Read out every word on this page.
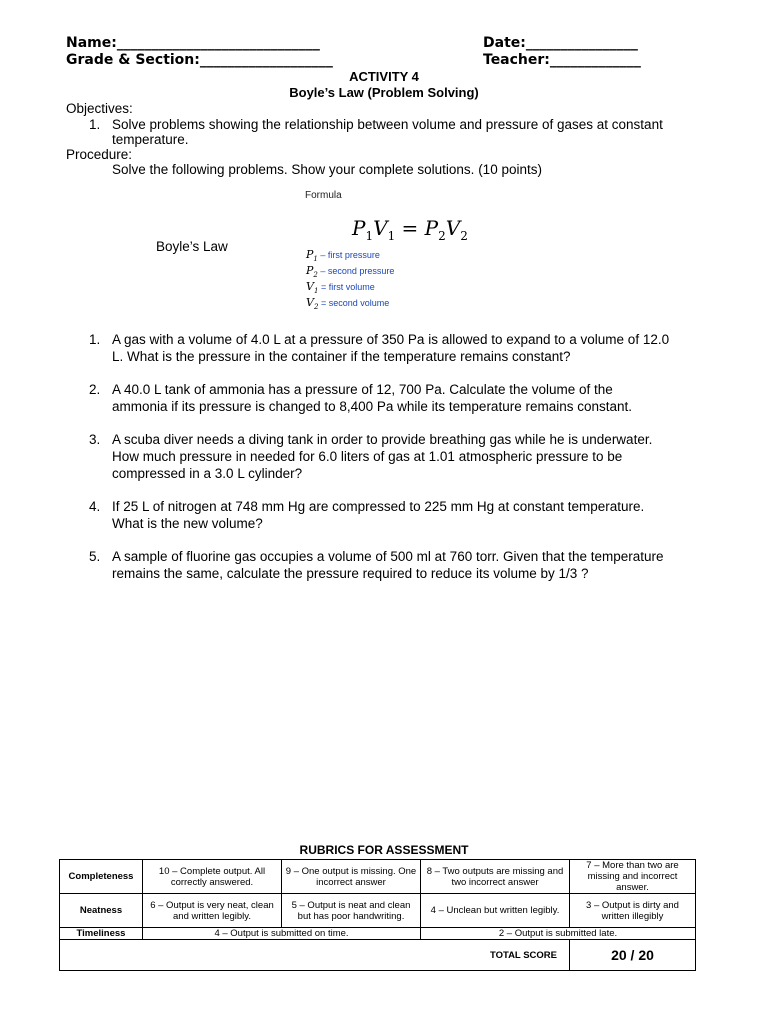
Name:_____________________________	Date:________________
Grade & Section:___________________	Teacher:_____________
ACTIVITY 4
Boyle’s Law (Problem Solving)
Objectives:
1. Solve problems showing the relationship between volume and pressure of gases at constant
temperature.
Procedure:
Solve the following problems. Show your complete solutions. (10 points)
Formula
$P_1V_1 = P_2V_2$
Boyle’s Law
$P_1$ – first pressure
$P_2$ – second pressure
$V_1$ = first volume
$V_2$ = second volume
1. A gas with a volume of 4.0 L at a pressure of 350 Pa is allowed to expand to a volume of 12.0
L. What is the pressure in the container if the temperature remains constant?
2. A 40.0 L tank of ammonia has a pressure of 12, 700 Pa. Calculate the volume of the
ammonia if its pressure is changed to 8,400 Pa while its temperature remains constant.
3. A scuba diver needs a diving tank in order to provide breathing gas while he is underwater.
How much pressure in needed for 6.0 liters of gas at 1.01 atmospheric pressure to be
compressed in a 3.0 L cylinder?
4. If 25 L of nitrogen at 748 mm Hg are compressed to 225 mm Hg at constant temperature.
What is the new volume?
5. A sample of fluorine gas occupies a volume of 500 ml at 760 torr. Given that the temperature
remains the same, calculate the pressure required to reduce its volume by 1/3 ?
RUBRICS FOR ASSESSMENT
Completeness	10 – Complete output. All correctly answered.	9 – One output is missing. One incorrect answer	8 – Two outputs are missing and two incorrect answer	7 – More than two are missing and incorrect answer.
Neatness	6 – Output is very neat, clean and written legibly.	5 – Output is neat and clean but has poor handwriting.	4 – Unclean but written legibly.	3 – Output is dirty and written illegibly
Timeliness	4 – Output is submitted on time.		2 – Output is submitted late.	
TOTAL SCORE				20 / 20
